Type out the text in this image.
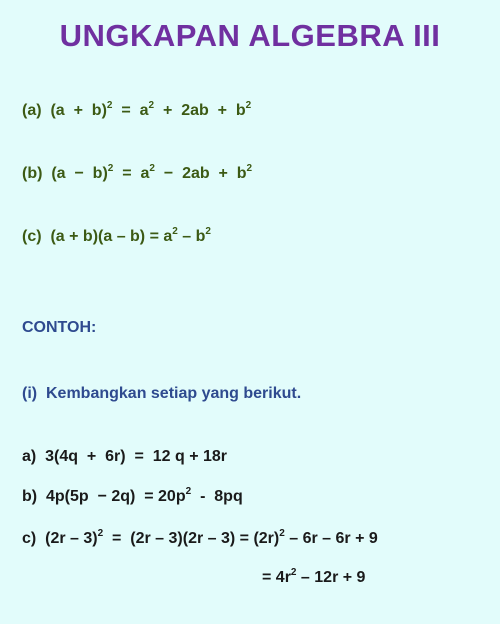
UNGKAPAN ALGEBRA III
(a) $(a + b)^2 = a^2 + 2ab + b^2$
(b) $(a - b)^2 = a^2 - 2ab + b^2$
(c) $(a + b)(a - b) = a^2 - b^2$
CONTOH:
(i)  Kembangkan setiap yang berikut.
a) 3(4q  +  6r)  =  12 q + 18r
b) $4p(5p - 2q) = 20p^2 - 8pq$
c) $(2r - 3)^2 = (2r - 3)(2r - 3) = (2r)^2 - 6r - 6r + 9$
= $4r^2 - 12r + 9$
